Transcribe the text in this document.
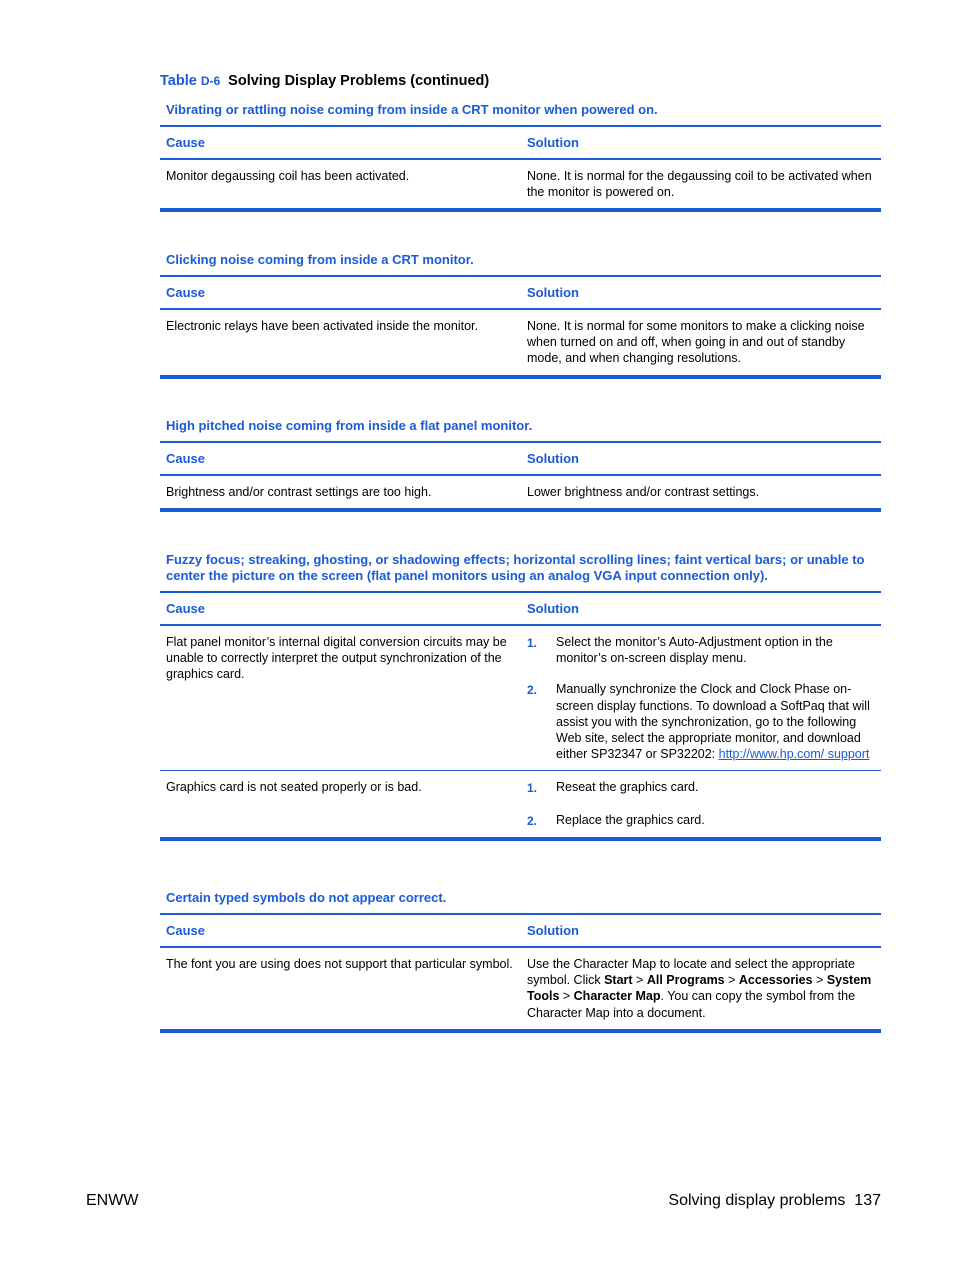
Table D-6 Solving Display Problems (continued)
Vibrating or rattling noise coming from inside a CRT monitor when powered on.
Cause	Solution
Monitor degaussing coil has been activated.	None. It is normal for the degaussing coil to be activated when the monitor is powered on.
Clicking noise coming from inside a CRT monitor.
Cause	Solution
Electronic relays have been activated inside the monitor.	None. It is normal for some monitors to make a clicking noise when turned on and off, when going in and out of standby mode, and when changing resolutions.
High pitched noise coming from inside a flat panel monitor.
Cause	Solution
Brightness and/or contrast settings are too high.	Lower brightness and/or contrast settings.
Fuzzy focus; streaking, ghosting, or shadowing effects; horizontal scrolling lines; faint vertical bars; or unable to center the picture on the screen (flat panel monitors using an analog VGA input connection only).
Cause	Solution
Flat panel monitor’s internal digital conversion circuits may be unable to correctly interpret the output synchronization of the graphics card.
1.	Select the monitor’s Auto-Adjustment option in the monitor’s on-screen display menu.
2.	Manually synchronize the Clock and Clock Phase on-screen display functions. To download a SoftPaq that will assist you with the synchronization, go to the following Web site, select the appropriate monitor, and download either SP32347 or SP32202: http://www.hp.com/ support
Graphics card is not seated properly or is bad.	1.	Reseat the graphics card.
2.	Replace the graphics card.
Certain typed symbols do not appear correct.
Cause	Solution
The font you are using does not support that particular symbol.	Use the Character Map to locate and select the appropriate symbol. Click Start > All Programs > Accessories > System Tools > Character Map. You can copy the symbol from the Character Map into a document.
ENWW	Solving display problems 137
